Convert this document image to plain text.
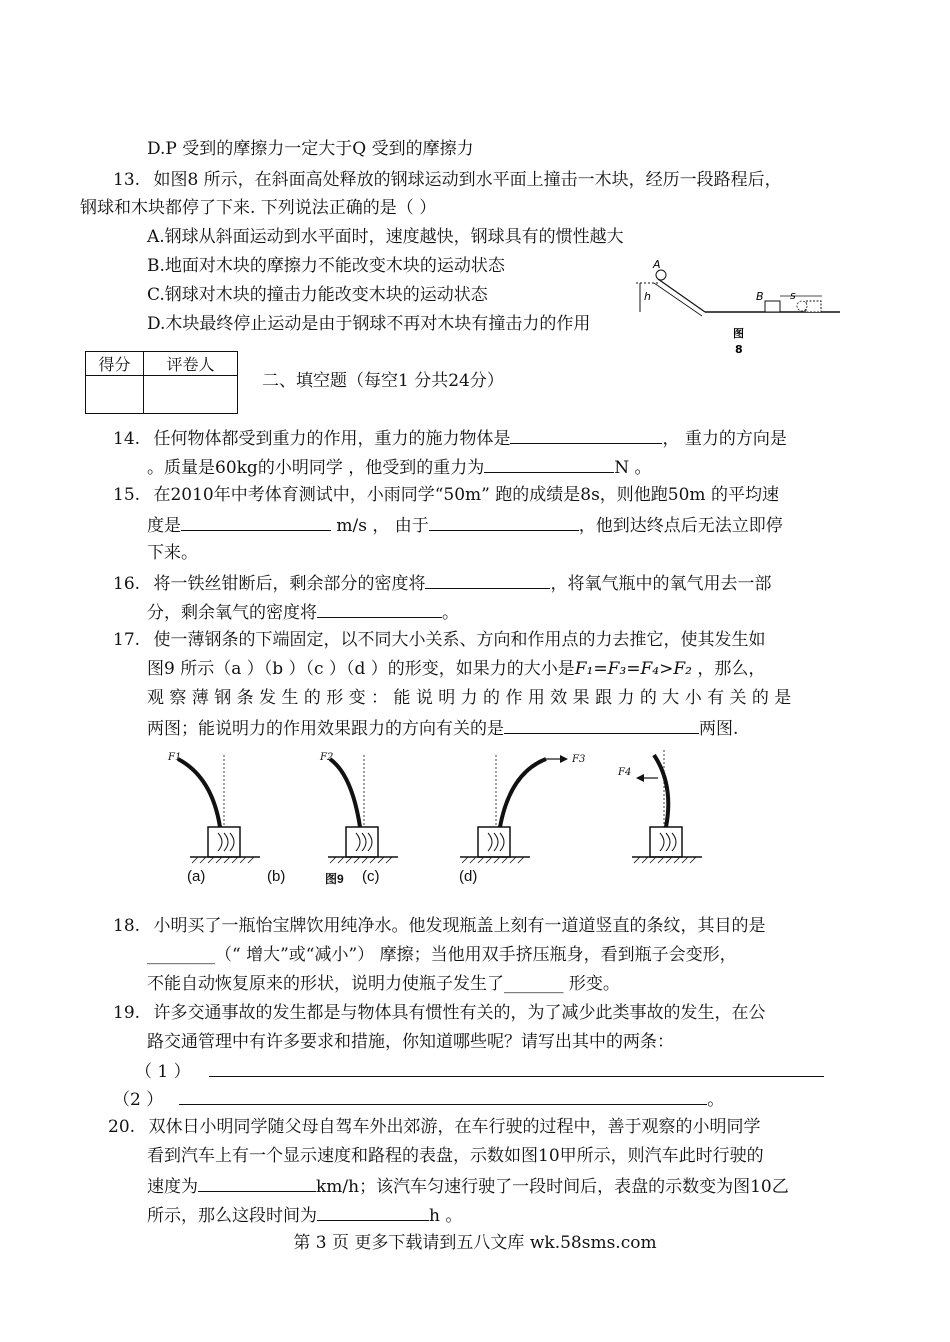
D.P 受到的摩擦力一定大于Q 受到的摩擦力
13. 如图8 所示，在斜面高处释放的钢球运动到水平面上撞击一木块，经历一段路程后，
钢球和木块都停了下来. 下列说法正确的是（ ）
A.钢球从斜面运动到水平面时，速度越快，钢球具有的惯性越大
B.地面对木块的摩擦力不能改变木块的运动状态
C.钢球对木块的撞击力能改变木块的运动状态
D.木块最终停止运动是由于钢球不再对木块有撞击力的作用
A
h	B s
图
8
得分	评卷人

二、填空题（每空1 分共24分）
14. 任何物体都受到重力的作用，重力的施力物体是	， 重力的方向是
。质量是60kg的小明同学 ，他受到的重力为	N 。
15. 在2010年中考体育测试中，小雨同学“50m” 跑的成绩是8s，则他跑50m 的平均速
度是	m/s ， 由于	，他到达终点后无法立即停
下来。
16. 将一铁丝钳断后，剩余部分的密度将	，将氧气瓶中的氧气用去一部
分，剩余氧气的密度将	。
17. 使一薄钢条的下端固定，以不同大小关系、方向和作用点的力去推它，使其发生如
图9 所示（a ）（b ）（c ）（d ）的形变，如果力的大小是F₁=F₃=F₄>F₂ ，那么，
观 察 薄 钢 条 发 生 的 形 变 ： 能 说 明 力 的 作 用 效 果 跟 力 的 大 小 有 关 的 是
两图；能说明力的作用效果跟力的方向有关的是	两图.
F1	F2	F3
F4
(a)	(b)	图9 (c)	(d)
18. 小明买了一瓶怡宝牌饮用纯净水。他发现瓶盖上刻有一道道竖直的条纹，其目的是
________（“ 增大”或“减小”） 摩擦；当他用双手挤压瓶身，看到瓶子会变形，
不能自动恢复原来的形状，说明力使瓶子发生了_______ 形变。
19. 许多交通事故的发生都是与物体具有惯性有关的，为了减少此类事故的发生，在公
路交通管理中有许多要求和措施，你知道哪些呢？请写出其中的两条：
（ 1 ）
（2 ）	。
20. 双休日小明同学随父母自驾车外出郊游，在车行驶的过程中，善于观察的小明同学
看到汽车上有一个显示速度和路程的表盘，示数如图10甲所示，则汽车此时行驶的
速度为	km/h；该汽车匀速行驶了一段时间后，表盘的示数变为图10乙
所示，那么这段时间为	h 。
第 3 页 更多下载请到五八文库 wk.58sms.com
